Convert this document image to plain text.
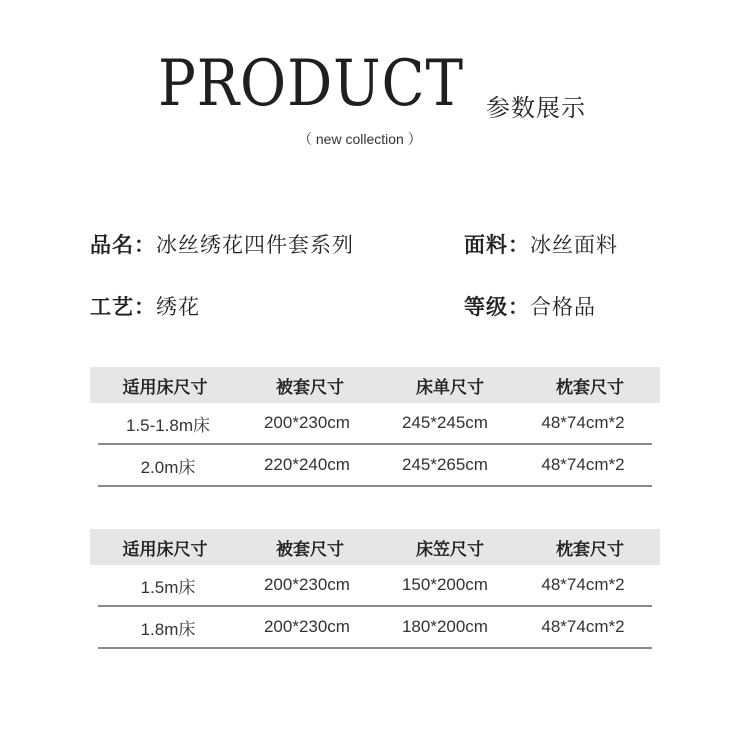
PRODUCT
（ new collection ）
参数展示
品名：冰丝绣花四件套系列	面料：冰丝面料
工艺：绣花	等级：合格品
适用床尺寸	被套尺寸	床单尺寸	枕套尺寸
1.5-1.8m床	200*230cm	245*245cm	48*74cm*2
2.0m床	220*240cm	245*265cm	48*74cm*2
适用床尺寸	被套尺寸	床笠尺寸	枕套尺寸
1.5m床	200*230cm	150*200cm	48*74cm*2
1.8m床	200*230cm	180*200cm	48*74cm*2
